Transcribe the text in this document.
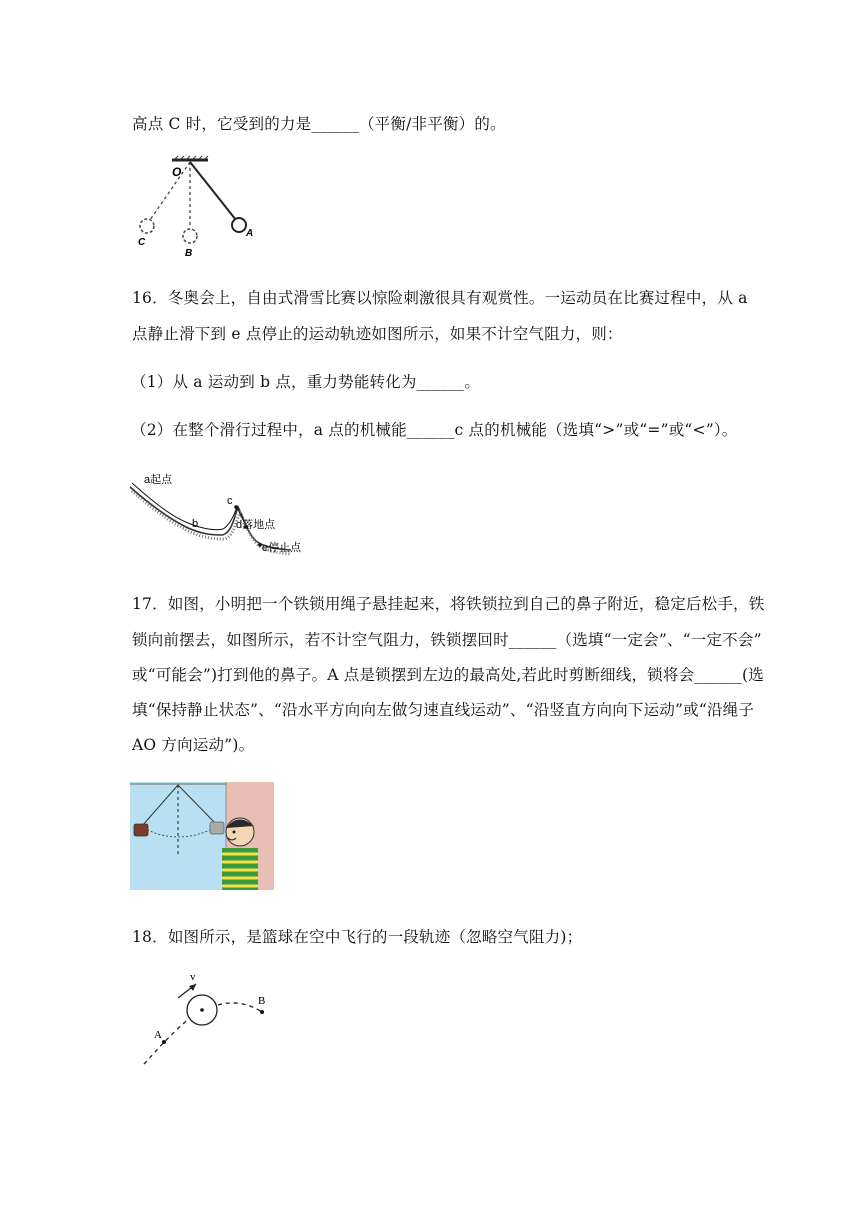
高点 C 时，它受到的力是______（平衡/非平衡）的。
O
A
B
C
16．冬奥会上，自由式滑雪比赛以惊险刺激很具有观赏性。一运动员在比赛过程中，从 a
点静止滑下到 e 点停止的运动轨迹如图所示，如果不计空气阻力，则：
（1）从 a 运动到 b 点，重力势能转化为______。
（2）在整个滑行过程中，a 点的机械能______c 点的机械能（选填“>”或“=”或“<”）。
a起点
b
c
d落地点
e停止点
17．如图，小明把一个铁锁用绳子悬挂起来，将铁锁拉到自己的鼻子附近，稳定后松手，铁
锁向前摆去，如图所示，若不计空气阻力，铁锁摆回时______（选填“一定会”、“一定不会”
或“可能会”)打到他的鼻子。A 点是锁摆到左边的最高处,若此时剪断细线，锁将会______(选
填“保持静止状态”、“沿水平方向向左做匀速直线运动”、“沿竖直方向向下运动”或“沿绳子
AO 方向运动”)。
18．如图所示，是篮球在空中飞行的一段轨迹（忽略空气阻力)；
v
A
B
